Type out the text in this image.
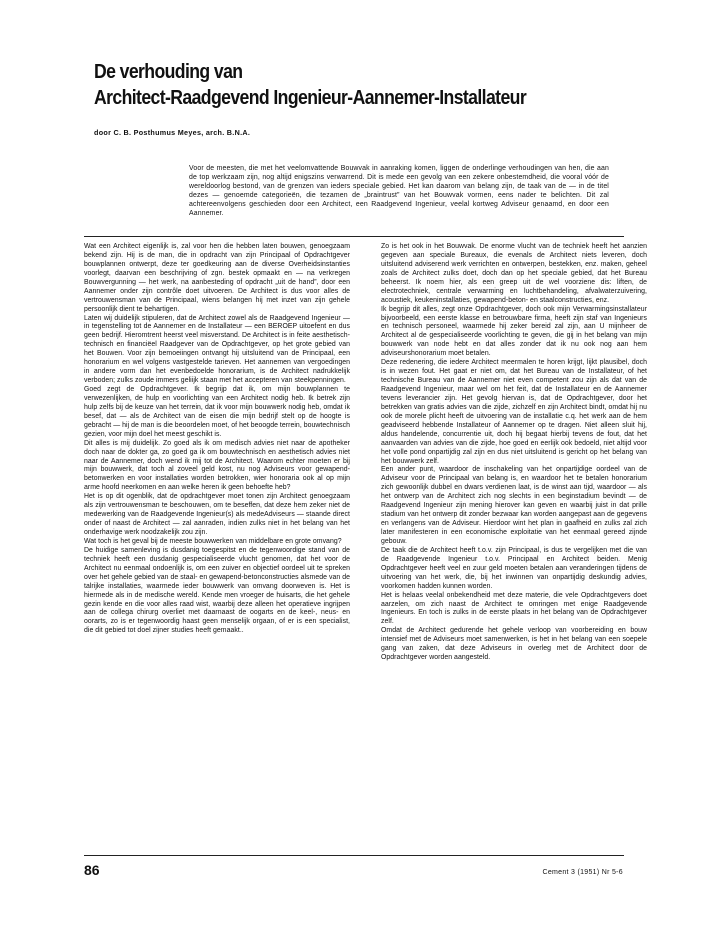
De verhouding van
Architect-Raadgevend Ingenieur-Aannemer-Installateur
door C. B. Posthumus Meyes, arch. B.N.A.
Voor de meesten, die met het veelomvattende Bouwvak in aanraking komen, liggen de onderlinge verhoudingen van hen, die aan de top werkzaam zijn, nog altijd enigszins verwarrend. Dit is mede een gevolg van een zekere onbestemdheid, die vooral vóór de wereldoorlog bestond, van de grenzen van ieders speciale gebied. Het kan daarom van belang zijn, de taak van de — in de titel dezes — genoemde categorieën, die tezamen de „braintrust” van het Bouwvak vormen, eens nader te belichten. Dit zal achtereenvolgens geschieden door een Architect, een Raadgevend Ingenieur, veelal kortweg Adviseur genaamd, en door een Aannemer.

Wat een Architect eigenlijk is, zal voor hen die hebben laten bouwen, genoegzaam bekend zijn. Hij is de man, die in opdracht van zijn Principaal of Opdrachtgever bouwplannen ontwerpt, deze ter goedkeuring aan de diverse Overheidsinstanties voorlegt, daarvan een beschrijving of zgn. bestek opmaakt en — na verkregen Bouwvergunning — het werk, na aanbesteding of opdracht „uit de hand”, door een Aannemer onder zijn contrôle doet uitvoeren. De Architect is dus voor alles de vertrouwensman van de Principaal, wiens belangen hij met inzet van zijn gehele persoonlijk dient te behartigen.

Laten wij duidelijk stipuleren, dat de Architect zowel als de Raadgevend Ingenieur — in tegenstelling tot de Aannemer en de Installateur — een BEROEP uitoefent en dus geen bedrijf. Hieromtrent heerst veel misverstand. De Architect is in feite aesthetisch-technisch en financiëel Raadgever van de Opdrachtgever, op het grote gebied van het Bouwen. Voor zijn bemoeiingen ontvangt hij uitsluitend van de Principaal, een honorarium en wel volgens vastgestelde tarieven. Het aannemen van vergoedingen in andere vorm dan het evenbedoelde honorarium, is de Architect nadrukkelijk verboden; zulks zoude immers geliijk staan met het accepteren van steekpenningen.

Goed zegt de Opdrachtgever. Ik begrijp dat ik, om mijn bouwplannen te verwezenlijken, de hulp en voorlichting van een Architect nodig heb. Ik betrek zijn hulp zelfs bij de keuze van het terrein, dat ik voor mijn bouwwerk nodig heb, omdat ik besef, dat — als de Architect van de eisen die mijn bedrijf stelt op de hoogte is gebracht — hij de man is die beoordelen moet, of het beoogde terrein, bouwtechnisch gezien, voor mijn doel het meest geschikt is.

Dit alles is mij duidelijk. Zo goed als ik om medisch advies niet naar de apotheker doch naar de dokter ga, zo goed ga ik om bouwtechnisch en aesthetisch advies niet naar de Aannemer, doch wend ik mij tot de Architect. Waarom echter moeten er bij mijn bouwwerk, dat toch al zoveel geld kost, nu nog Adviseurs voor gewapend-betonwerken en voor installaties worden betrokken, wier honoraria ook al op mijn arme hoofd neerkomen en aan welke heren ik geen behoefte heb?

Het is op dit ogenblik, dat de opdrachtgever moet tonen zijn Architect genoegzaam als zijn vertrouwensman te beschouwen, om te beseffen, dat deze hem zeker niet de medewerking van de Raadgevende Ingenieur(s) als medeAdviseurs — staande direct onder of naast de Architect — zal aanraden, indien zulks niet in het belang van het onderhavige werk noodzakelijk zou zijn.

Wat toch is het geval bij de meeste bouwwerken van middelbare en grote omvang?

De huidige samenleving is dusdanig toegespitst en de tegenwoordige stand van de techniek heeft een dusdanig gespecialiseerde vlucht genomen, dat het voor de Architect nu eenmaal ondoenlijk is, om een zuiver en objectief oordeel uit te spreken over het gehele gebied van de staal- en gewapend-betonconstructies alsmede van de talrijke installaties, waarmede ieder bouwwerk van omvang doorweven is. Het is hiermede als in de medische wereld. Kende men vroeger de huisarts, die het gehele gezin kende en die voor alles raad wist, waarbij deze alleen het operatieve ingrijpen aan de collega chirurg overliet met daarnaast de oogarts en de keel-, neus- en oorarts, zo is er tegenwoordig haast geen menselijk orgaan, of er is een specialist, die dit gebied tot doel zijner studies heeft gemaakt..

Zo is het ook in het Bouwvak. De enorme vlucht van de techniek heeft het aanzien gegeven aan speciale Bureaux, die evenals de Architect niets leveren, doch uitsluitend adviserend werk verrichten en ontwerpen, bestekken, enz. maken, geheel zoals de Architect zulks doet, doch dan op het speciale gebied, dat het Bureau beheerst. Ik noem hier, als een greep uit de wel voorziene dis: liften, de electrotechniek, centrale verwarming en luchtbehandeling, afvalwaterzuivering, acoustiek, keukeninstallaties, gewapend-beton- en staalconstructies, enz.

Ik begrijp dit alles, zegt onze Opdrachtgever, doch ook mijn Verwarmingsinstallateur bijvoorbeeld, een eerste klasse en betrouwbare firma, heeft zijn staf van Ingenieurs en technisch personeel, waarmede hij zeker bereid zal zijn, aan U mijnheer de Architect al de gespecialiseerde voorlichting te geven, die gij in het belang van mijn bouwwerk van node hebt en dat alles zonder dat ik nu ook nog aan hem adviseurshonorarium moet betalen.

Deze redenering, die iedere Architect meermalen te horen krijgt, lijkt plausibel, doch is in wezen fout. Het gaat er niet om, dat het Bureau van de Installateur, of het technische Bureau van de Aannemer niet even competent zou zijn als dat van de Raadgevend Ingenieur, maar wel om het feit, dat de Installateur en de Aannemer tevens leverancier zijn. Het gevolg hiervan is, dat de Opdrachtgever, door het betrekken van gratis advies van die zijde, zichzelf en zijn Architect bindt, omdat hij nu ook de morele plicht heeft de uitvoering van de installatie c.q. het werk aan de hem geadviseerd hebbende Installateur of Aannemer op te dragen. Niet alleen sluit hij, aldus handelende, concurrentie uit, doch hij begaat hierbij tevens de fout, dat het aanvaarden van advies van die zijde, hoe goed en eerlijk ook bedoeld, niet altijd voor het volle pond onpartijdig zal zijn en dus niet uitsluitend is gericht op het belang van het bouwwerk zelf.

Een ander punt, waardoor de inschakeling van het onpartijdige oordeel van de Adviseur voor de Principaal van belang is, en waardoor het te betalen honorarium zich gewoonlijk dubbel en dwars verdienen laat, is de winst aan tijd, waardoor — als het ontwerp van de Architect zich nog slechts in een beginstadium bevindt — de Raadgevend Ingenieur zijn mening hierover kan geven en waarbij juist in dat prille stadium van het ontwerp dit zonder bezwaar kan worden aangepast aan de gegevens en verlangens van de Adviseur. Hierdoor wint het plan in gaafheid en zulks zal zich later manifesteren in een economische exploitatie van het eenmaal gereed zijnde gebouw.

De taak die de Architect heeft t.o.v. zijn Principaal, is dus te vergelijken met die van de Raadgevende Ingenieur t.o.v. Principaal en Architect beiden. Menig Opdrachtgever heeft veel en zuur geld moeten betalen aan veranderingen tijdens de uitvoering van het werk, die, bij het inwinnen van onpartijdig deskundig advies, voorkomen hadden kunnen worden.

Het is helaas veelal onbekendheid met deze materie, die vele Opdrachtgevers doet aarzelen, om zich naast de Architect te omringen met enige Raadgevende Ingenieurs. En toch is zulks in de eerste plaats in het belang van de Opdrachtgever zelf.

Omdat de Architect gedurende het gehele verloop van voorbereiding en bouw intensief met de Adviseurs moet samenwerken, is het in het belang van een soepele gang van zaken, dat deze Adviseurs in overleg met de Architect door de Opdrachtgever worden aangesteld.

86	Cement 3 (1951) Nr 5-6
